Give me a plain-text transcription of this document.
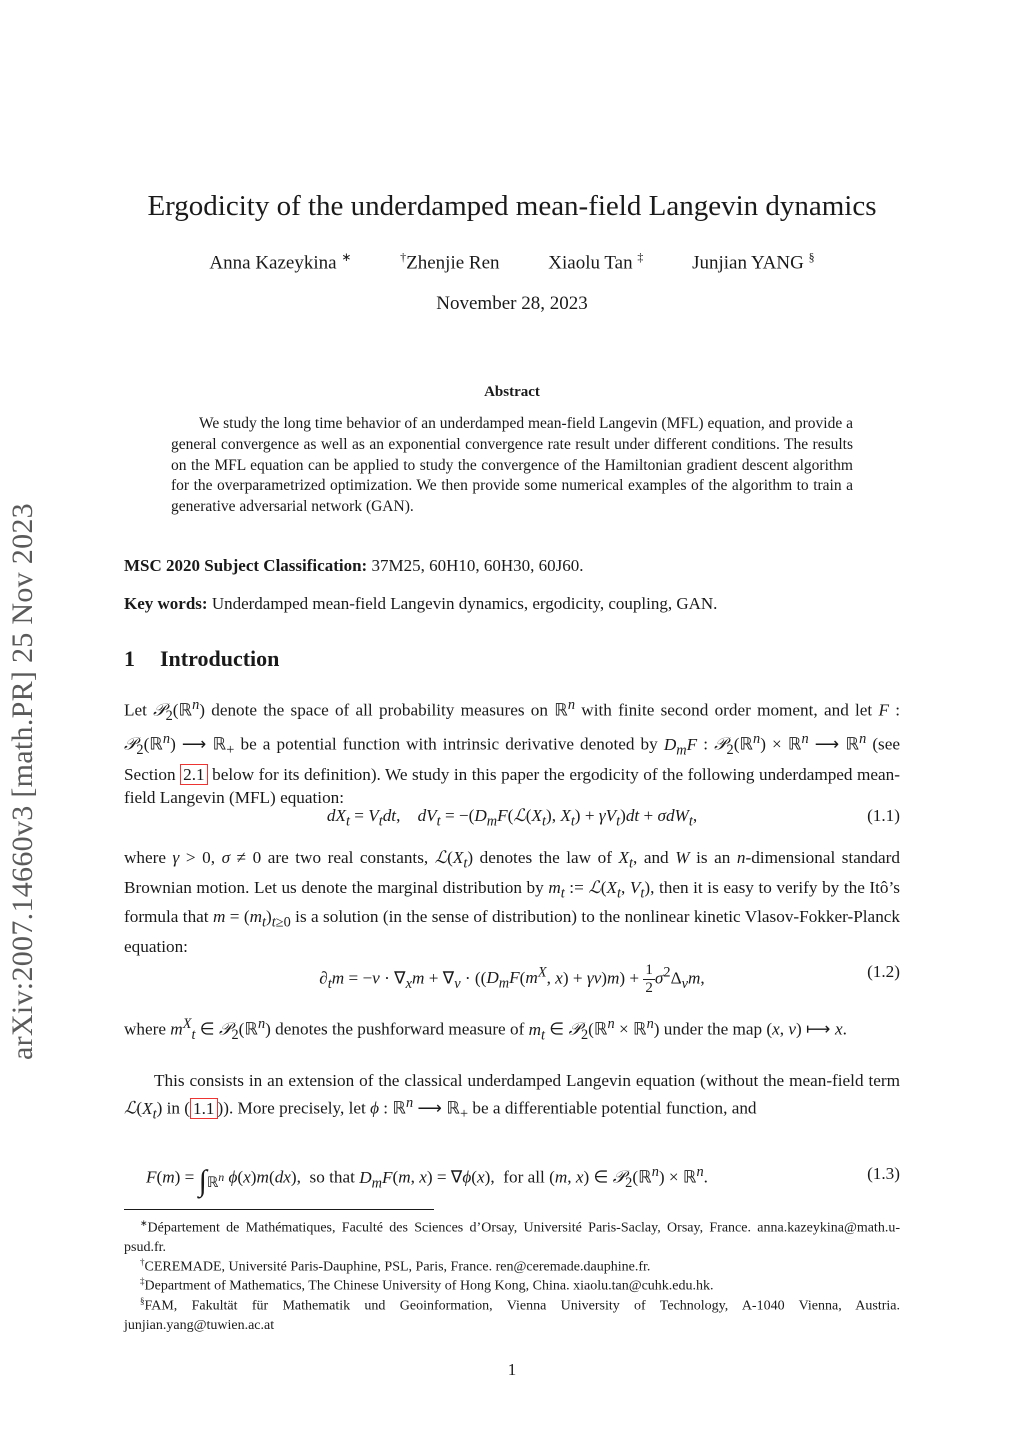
arXiv:2007.14660v3 [math.PR] 25 Nov 2023
Ergodicity of the underdamped mean-field Langevin dynamics
Anna Kazeykina ∗	†Zhenjie Ren	Xiaolu Tan ‡	Junjian YANG §
November 28, 2023
Abstract
We study the long time behavior of an underdamped mean-field Langevin (MFL) equation, and provide a general convergence as well as an exponential convergence rate result under different conditions. The results on the MFL equation can be applied to study the convergence of the Hamiltonian gradient descent algorithm for the overparametrized optimization. We then provide some numerical examples of the algorithm to train a generative adversarial network (GAN).
MSC 2020 Subject Classification: 37M25, 60H10, 60H30, 60J60.
Key words: Underdamped mean-field Langevin dynamics, ergodicity, coupling, GAN.
1 Introduction
Let 𝒫$_2$(ℝ$^n$) denote the space of all probability measures on ℝ$^n$ with finite second order moment, and let F : 𝒫$_2$(ℝ$^n$) ⟶ ℝ$_+$ be a potential function with intrinsic derivative denoted by $D_mF$ : 𝒫$_2$(ℝ$^n$) × ℝ$^n$ ⟶ ℝ$^n$ (see Section 2.1 below for its definition). We study in this paper the ergodicity of the following underdamped mean-field Langevin (MFL) equation:
$dX_t = V_tdt$,    $dV_t$ = $-(D_mF(ℒ(X_t)$, $X_t) + \gamma V_t)dt + \sigma dW_t$,	(1.1)
where γ > 0, σ ≠ 0 are two real constants, $ℒ(X_t)$ denotes the law of $X_t$, and W is an n-dimensional standard Brownian motion. Let us denote the marginal distribution by $m_t$ := $ℒ(X_t$, $V_t$), then it is easy to verify by the Itô’s formula that $m = (m_t)_{t\ge 0}$ is a solution (in the sense of distribution) to the nonlinear kinetic Vlasov-Fokker-Planck equation:
$\partial_tm = -v \cdot \nabla_xm + \nabla_v \cdot ((D_mF(m^X$, $x) + \gamma v)m) + \frac{1}{2} \sigma^2\Delta_vm$,	(1.2)
where $m^X_t$ ∈ 𝒫$_2$(ℝ$^n$) denotes the pushforward measure of $m_t$ ∈ 𝒫$_2$(ℝ$^n$ × ℝ$^n$) under the map (x, v) ⟼ x.
This consists in an extension of the classical underdamped Langevin equation (without the mean-field term $ℒ(X_t)$ in ( 1.1 )). More precisely, let ϕ : ℝ$^n$ ⟶ ℝ$_+$ be a differentiable potential function, and
$F(m) = \int_{ℝ^n}$ ϕ(x)m(dx),  so that $D_mF(m$, x) = ∇ϕ(x),  for all (m, x) ∈ 𝒫$_2$(ℝ$^n$) × ℝ$^n$.	(1.3)
∗Département de Mathématiques, Faculté des Sciences d’Orsay, Université Paris-Saclay, Orsay, France. anna.kazeykina@math.u-psud.fr.
†CEREMADE, Université Paris-Dauphine, PSL, Paris, France. ren@ceremade.dauphine.fr.
‡Department of Mathematics, The Chinese University of Hong Kong, China. xiaolu.tan@cuhk.edu.hk.
§FAM, Fakultät für Mathematik und Geoinformation, Vienna University of Technology, A-1040 Vienna, Austria. junjian.yang@tuwien.ac.at
1
